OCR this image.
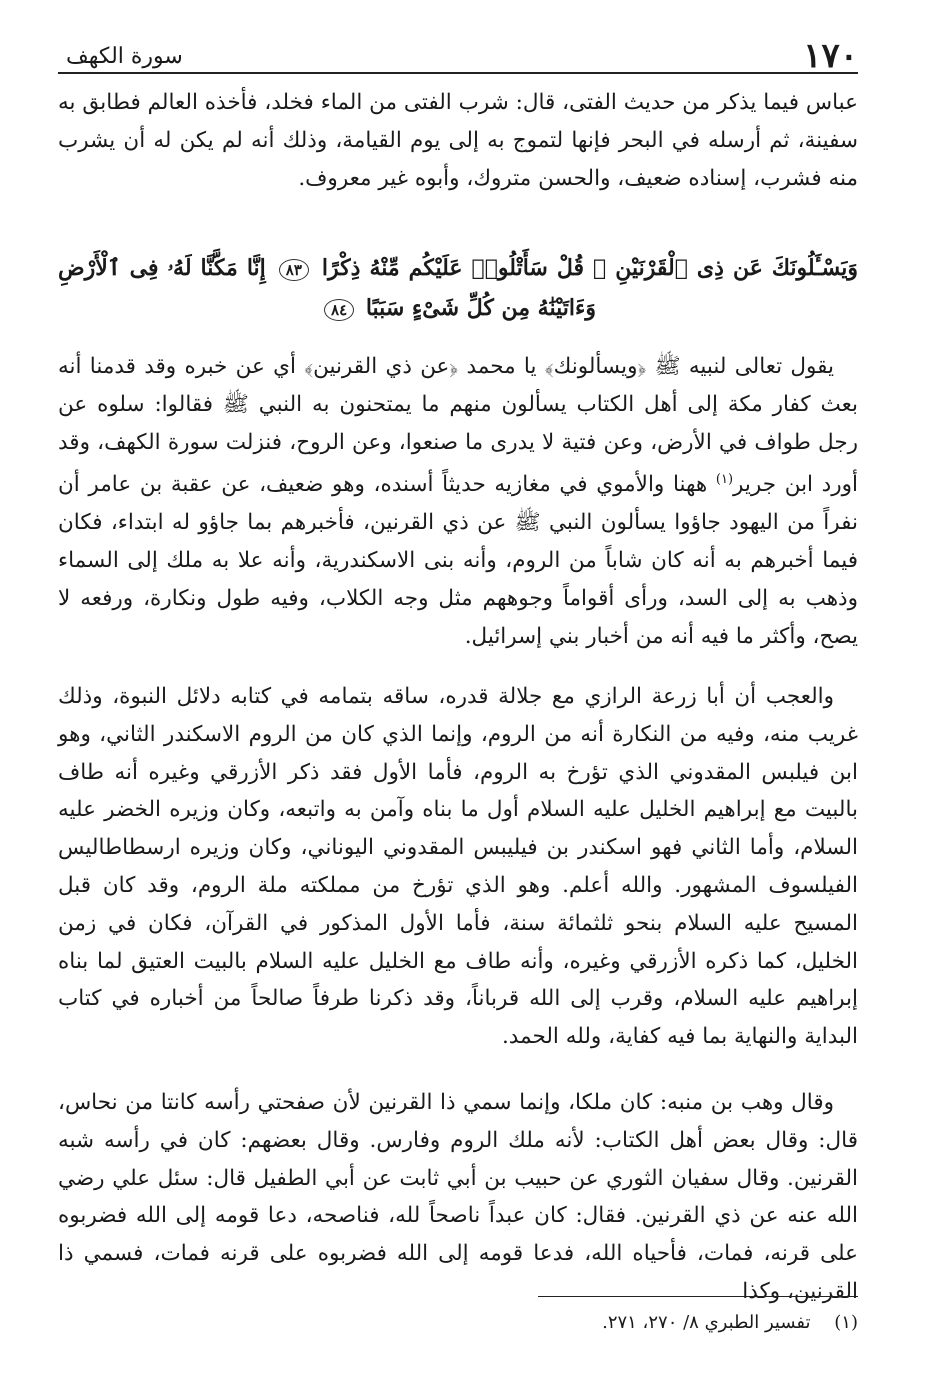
١٧٠
سورة الكهف

عباس فيما يذكر من حديث الفتى، قال: شرب الفتى من الماء فخلد، فأخذه العالم فطابق به سفينة، ثم أرسله في البحر فإنها لتموج به إلى يوم القيامة، وذلك أنه لم يكن له أن يشرب منه فشرب، إسناده ضعيف، والحسن متروك، وأبوه غير معروف.

وَيَسْـَٔلُونَكَ عَن ذِى ٱلْقَرْنَيْنِ ۖ قُلْ سَأَتْلُوا۟ عَلَيْكُم مِّنْهُ ذِكْرًا ٨٣ إِنَّا مَكَّنَّا لَهُۥ فِى ٱلْأَرْضِ وَءَاتَيْنَٰهُ مِن كُلِّ شَىْءٍ سَبَبًا ٨٤

يقول تعالى لنبيه ﷺ ﴿ويسألونك﴾ يا محمد ﴿عن ذي القرنين﴾ أي عن خبره وقد قدمنا أنه بعث كفار مكة إلى أهل الكتاب يسألون منهم ما يمتحنون به النبي ﷺ فقالوا: سلوه عن رجل طواف في الأرض، وعن فتية لا يدرى ما صنعوا، وعن الروح، فنزلت سورة الكهف، وقد أورد ابن جرير$^{(١)}$ ههنا والأموي في مغازيه حديثاً أسنده، وهو ضعيف، عن عقبة بن عامر أن نفراً من اليهود جاؤوا يسألون النبي ﷺ عن ذي القرنين، فأخبرهم بما جاؤو له ابتداء، فكان فيما أخبرهم به أنه كان شاباً من الروم، وأنه بنى الاسكندرية، وأنه علا به ملك إلى السماء وذهب به إلى السد، ورأى أقواماً وجوههم مثل وجه الكلاب، وفيه طول ونكارة، ورفعه لا يصح، وأكثر ما فيه أنه من أخبار بني إسرائيل.

والعجب أن أبا زرعة الرازي مع جلالة قدره، ساقه بتمامه في كتابه دلائل النبوة، وذلك غريب منه، وفيه من النكارة أنه من الروم، وإنما الذي كان من الروم الاسكندر الثاني، وهو ابن فيلبس المقدوني الذي تؤرخ به الروم، فأما الأول فقد ذكر الأزرقي وغيره أنه طاف بالبيت مع إبراهيم الخليل عليه السلام أول ما بناه وآمن به واتبعه، وكان وزيره الخضر عليه السلام، وأما الثاني فهو اسكندر بن فيليبس المقدوني اليوناني، وكان وزيره ارسطاطاليس الفيلسوف المشهور. والله أعلم. وهو الذي تؤرخ من مملكته ملة الروم، وقد كان قبل المسيح عليه السلام بنحو ثلثمائة سنة، فأما الأول المذكور في القرآن، فكان في زمن الخليل، كما ذكره الأزرقي وغيره، وأنه طاف مع الخليل عليه السلام بالبيت العتيق لما بناه إبراهيم عليه السلام، وقرب إلى الله قرباناً، وقد ذكرنا طرفاً صالحاً من أخباره في كتاب البداية والنهاية بما فيه كفاية، ولله الحمد.

وقال وهب بن منبه: كان ملكا، وإنما سمي ذا القرنين لأن صفحتي رأسه كانتا من نحاس، قال: وقال بعض أهل الكتاب: لأنه ملك الروم وفارس. وقال بعضهم: كان في رأسه شبه القرنين. وقال سفيان الثوري عن حبيب بن أبي ثابت عن أبي الطفيل قال: سئل علي رضي الله عنه عن ذي القرنين. فقال: كان عبداً ناصحاً لله، فناصحه، دعا قومه إلى الله فضربوه على قرنه، فمات، فأحياه الله، فدعا قومه إلى الله فضربوه على قرنه فمات، فسمي ذا القرنين، وكذا

(١) تفسير الطبري ٨/ ٢٧٠، ٢٧١.
